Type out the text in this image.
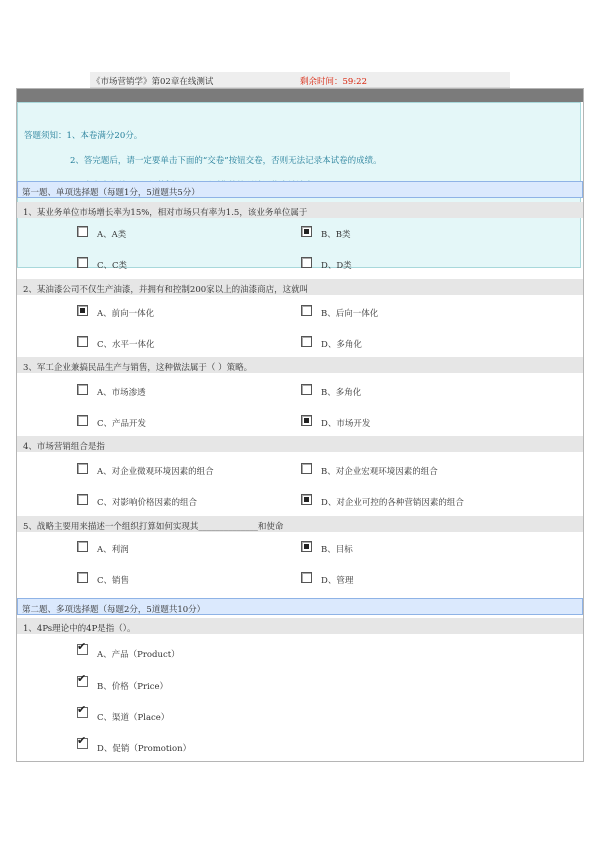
《市场营销学》第02章在线测试	剩余时间：59:22
答题须知：1、本卷满分20分。
2、答完题后，请一定要单击下面的“交卷”按钮交卷，否则无法记录本试卷的成绩。
第一题、单项选择题（每题1分，5道题共5分）
1、某业务单位市场增长率为15%，相对市场只有率为1.5，该业务单位属于
A、A类	B、B类
C、C类	D、D类
2、某油漆公司不仅生产油漆，并拥有和控制200家以上的油漆商店，这就叫
A、前向一体化	B、后向一体化
C、水平一体化	D、多角化
3、军工企业兼搞民品生产与销售，这种做法属于（ ）策略。
A、市场渗透	B、多角化
C、产品开发	D、市场开发
4、市场营销组合是指
A、对企业微观环境因素的组合	B、对企业宏观环境因素的组合
C、对影响价格因素的组合	D、对企业可控的各种营销因素的组合
5、战略主要用来描述一个组织打算如何实现其______________和使命
A、利润	B、目标
C、销售	D、管理
第二题、多项选择题（每题2分，5道题共10分）
1、4Ps理论中的4P是指（）。
✔
A、产品（Product）
✔
B、价格（Price）
✔
C、渠道（Place）
✔
D、促销（Promotion）
